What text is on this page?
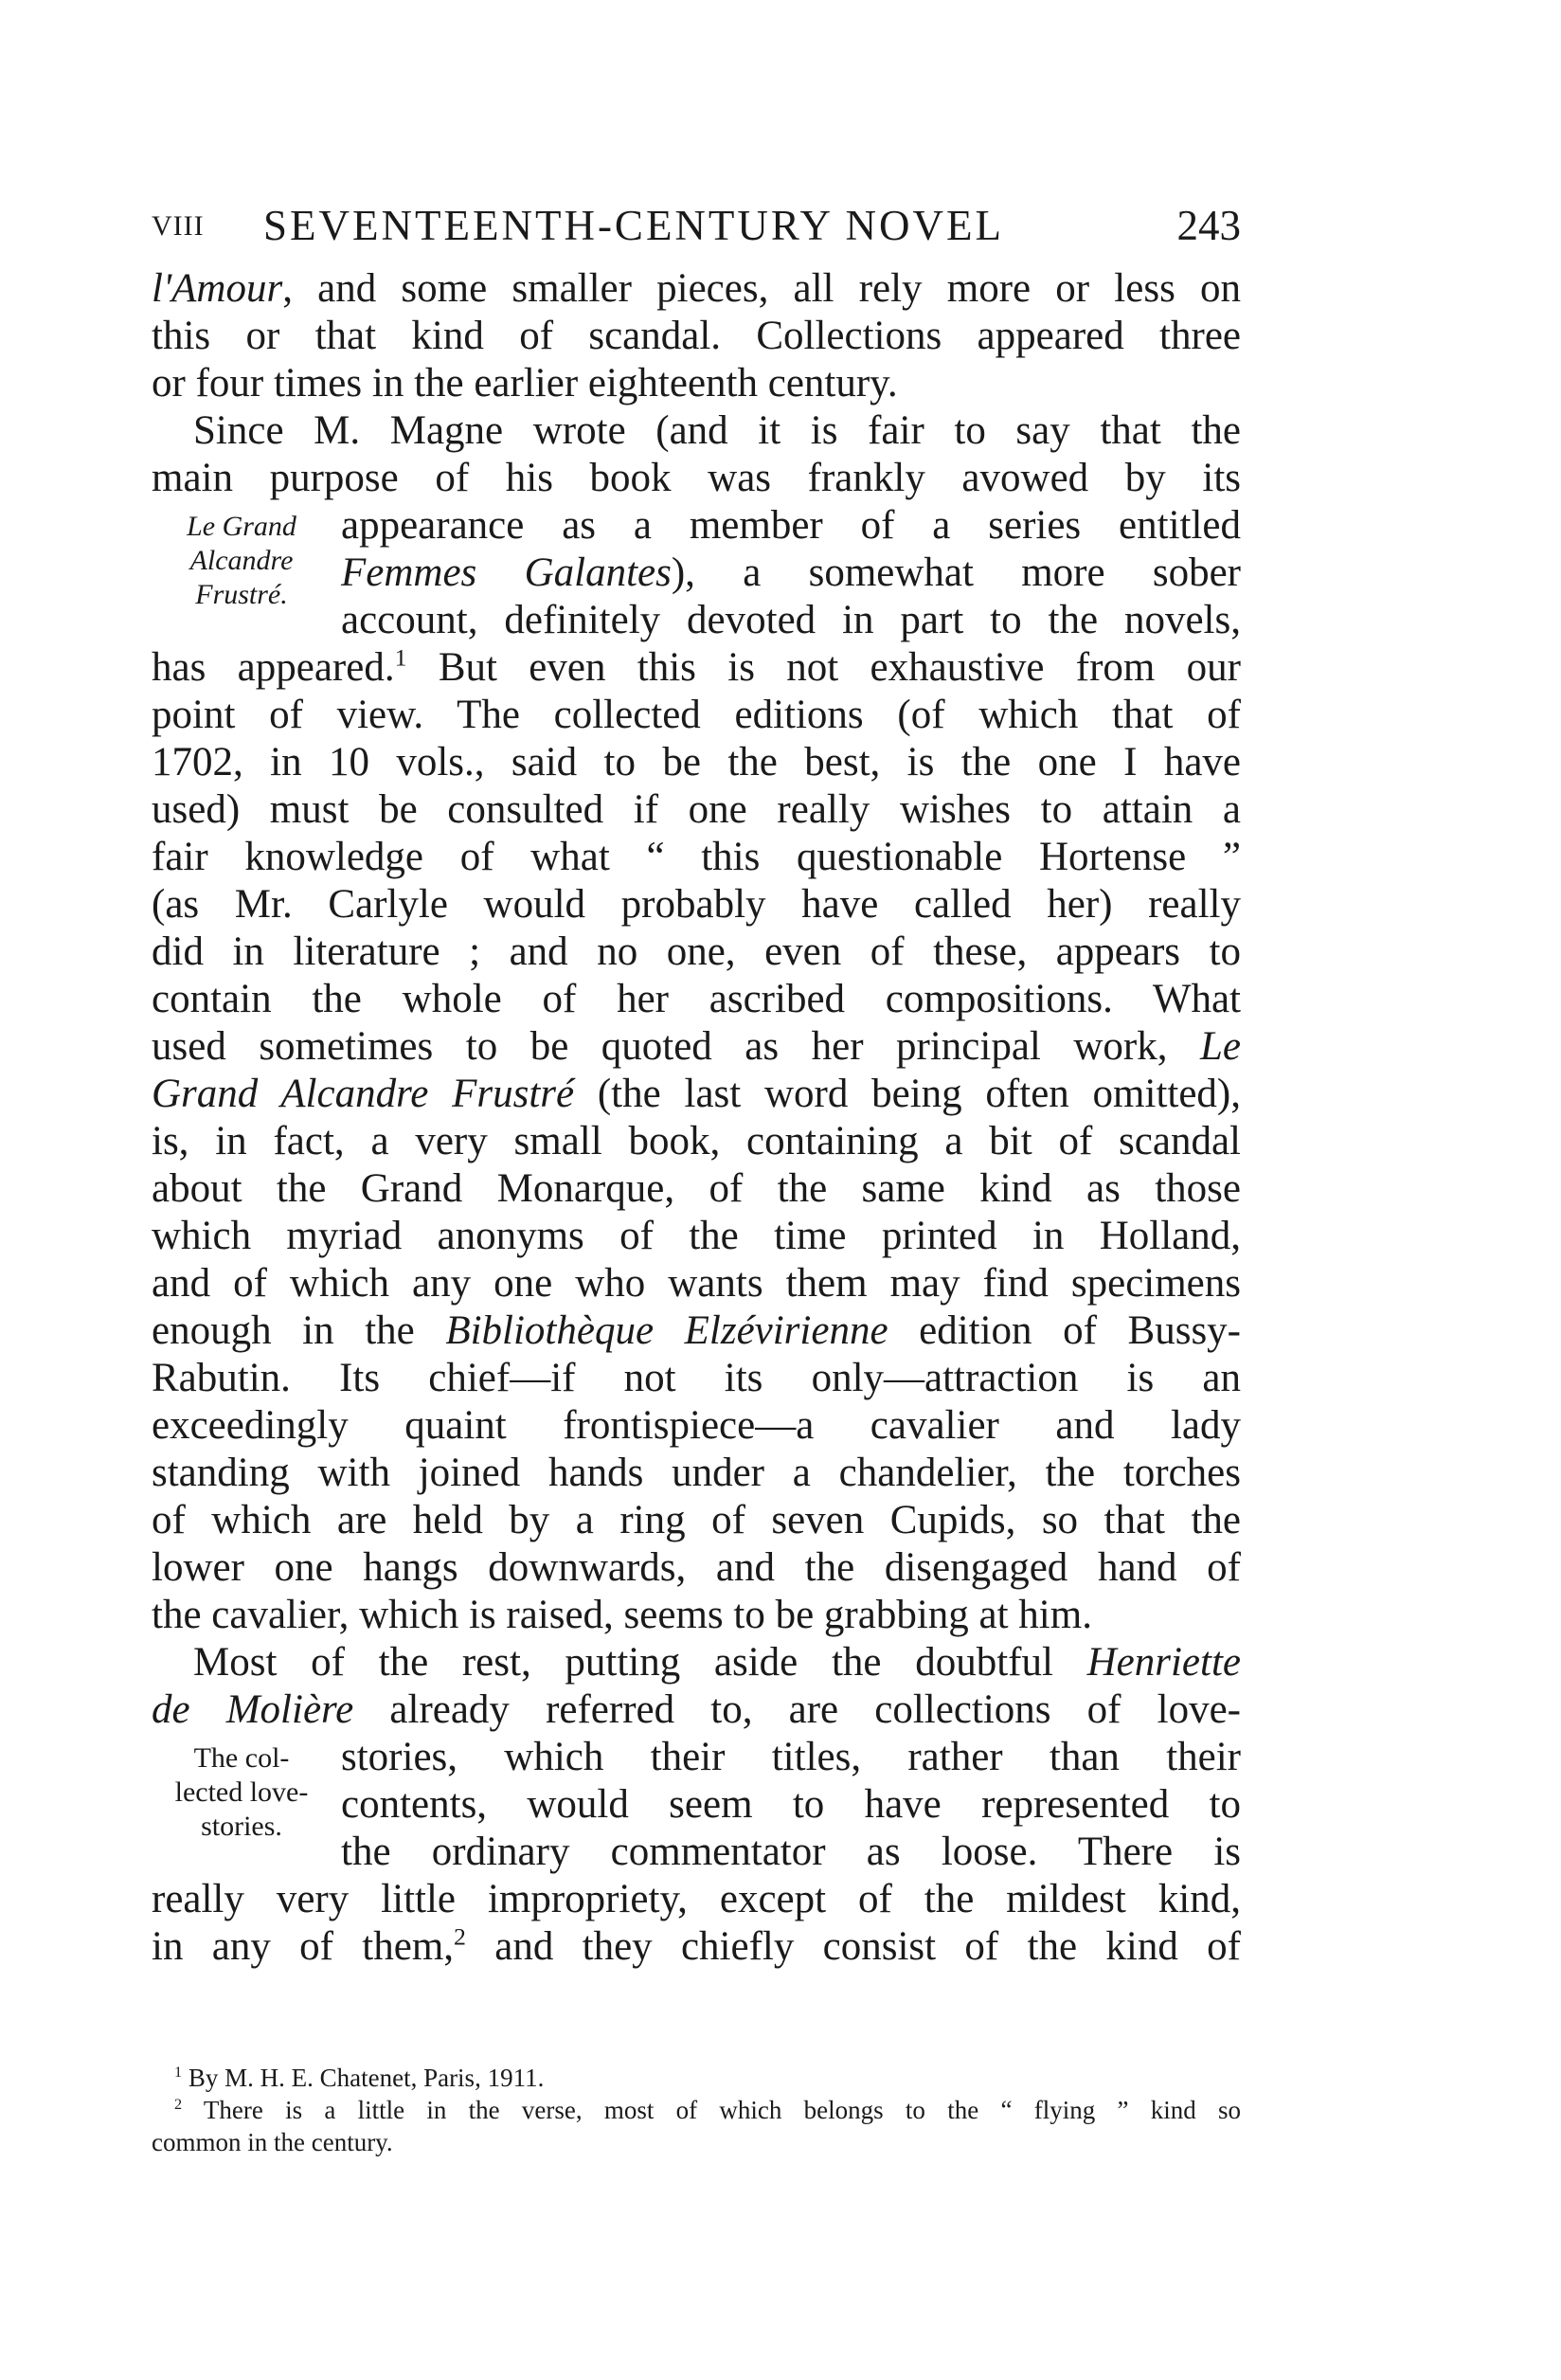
VIII SEVENTEENTH-CENTURY NOVEL	243
l'Amour, and some smaller pieces, all rely more or less on
this or that kind of scandal. Collections appeared three
or four times in the earlier eighteenth century.
Since M. Magne wrote (and it is fair to say that the
main purpose of his book was frankly avowed by its
Le Grand
Alcandre
Frustré.
appearance as a member of a series entitled
Femmes Galantes), a somewhat more sober
account, definitely devoted in part to the novels,
has appeared.$^1$ But even this is not exhaustive from our
point of view. The collected editions (of which that of
1702, in 10 vols., said to be the best, is the one I have
used) must be consulted if one really wishes to attain a
fair knowledge of what “ this questionable Hortense ”
(as Mr. Carlyle would probably have called her) really
did in literature ; and no one, even of these, appears to
contain the whole of her ascribed compositions. What
used sometimes to be quoted as her principal work, Le
Grand Alcandre Frustré (the last word being often omitted),
is, in fact, a very small book, containing a bit of scandal
about the Grand Monarque, of the same kind as those
which myriad anonyms of the time printed in Holland,
and of which any one who wants them may find specimens
enough in the Bibliothèque Elzévirienne edition of Bussy-
Rabutin. Its chief—if not its only—attraction is an
exceedingly quaint frontispiece—a cavalier and lady
standing with joined hands under a chandelier, the torches
of which are held by a ring of seven Cupids, so that the
lower one hangs downwards, and the disengaged hand of
the cavalier, which is raised, seems to be grabbing at him.
Most of the rest, putting aside the doubtful Henriette
de Molière already referred to, are collections of love-
The col-
lected love-
stories.
stories, which their titles, rather than their
contents, would seem to have represented to
the ordinary commentator as loose. There is
really very little impropriety, except of the mildest kind,
in any of them,$^2$ and they chiefly consist of the kind of
$^1$ By M. H. E. Chatenet, Paris, 1911.
$^2$ There is a little in the verse, most of which belongs to the “ flying ” kind so
common in the century.
